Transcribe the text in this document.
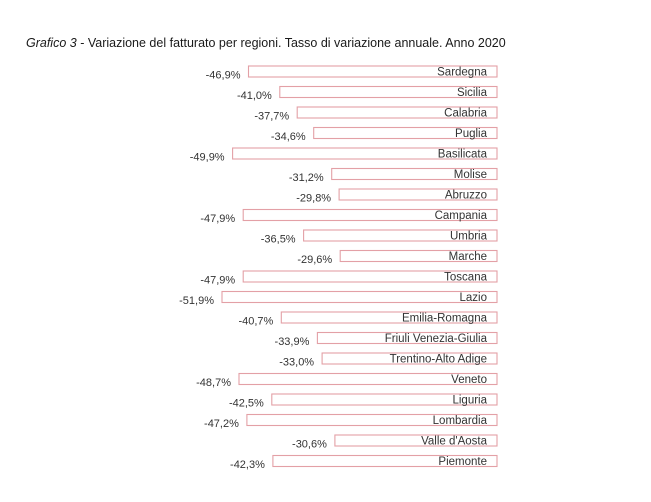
Grafico 3 - Variazione del fatturato per regioni. Tasso di variazione annuale. Anno 2020
Sardegna
-46,9%
Sicilia
-41,0%
Calabria
-37,7%
Puglia
-34,6%
Basilicata
-49,9%
Molise
-31,2%
Abruzzo
-29,8%
Campania
-47,9%
Umbria
-36,5%
Marche
-29,6%
Toscana
-47,9%
Lazio
-51,9%
Emilia-Romagna
-40,7%
Friuli Venezia-Giulia
-33,9%
Trentino-Alto Adige
-33,0%
Veneto
-48,7%
Liguria
-42,5%
Lombardia
-47,2%
Valle d'Aosta
-30,6%
Piemonte
-42,3%
